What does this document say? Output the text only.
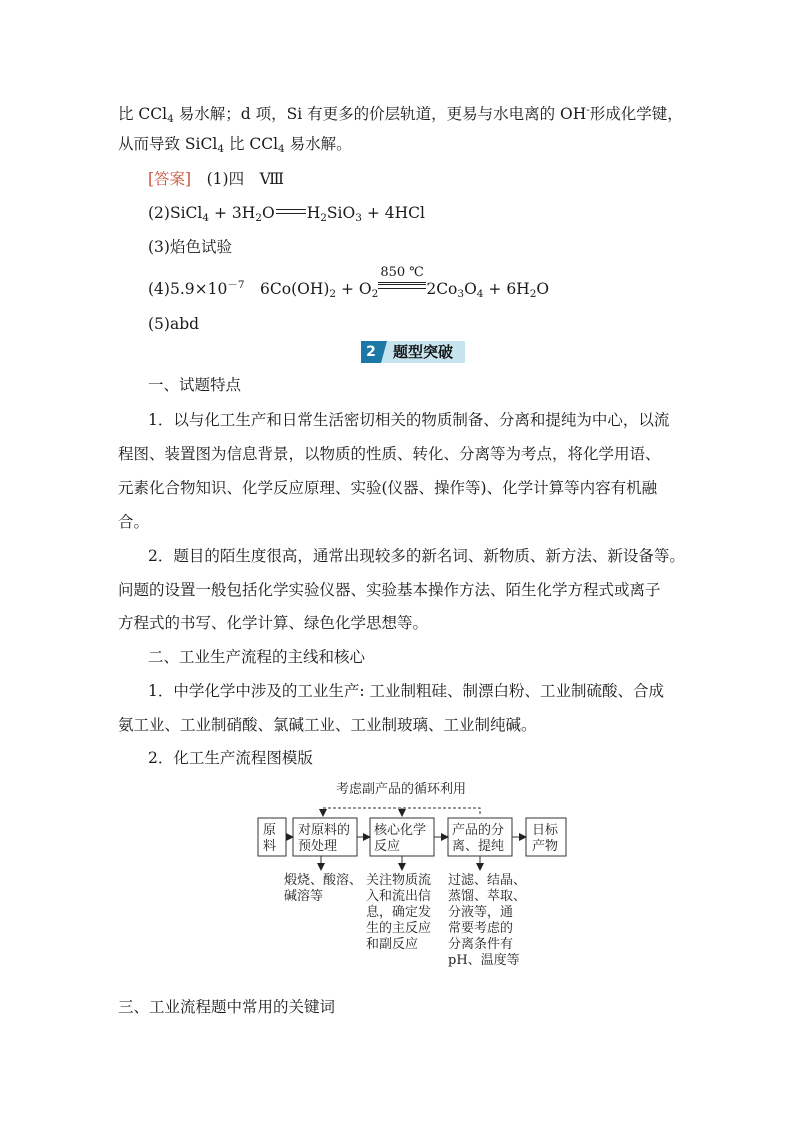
比 CCl$_4$ 易水解；d 项，Si 有更多的价层轨道，更易与水电离的 OH-形成化学键，
从而导致 SiCl$_4$ 比 CCl$_4$ 易水解。
[答案]　 (1)四　Ⅷ
(2)SiCl$_4$ + $3H_2O$ $H_2SiO_3 + 4HCl$
(3)焰色试验
$(4)5.9\times 10^{-7}$　$6Co(OH)_2 + O_2$
850 ℃
$2Co_3O_4 + 6H_2O$
(5)abd
2	题型突破
一、试题特点
1．以与化工生产和日常生活密切相关的物质制备、分离和提纯为中心，以流
程图、装置图为信息背景，以物质的性质、转化、分离等为考点，将化学用语、
元素化合物知识、化学反应原理、实验(仪器、操作等)、化学计算等内容有机融
合。
2．题目的陌生度很高，通常出现较多的新名词、新物质、新方法、新设备等。
问题的设置一般包括化学实验仪器、实验基本操作方法、陌生化学方程式或离子
方程式的书写、化学计算、绿色化学思想等。
二、工业生产流程的主线和核心
1．中学化学中涉及的工业生产: 工业制粗硅、制漂白粉、工业制硫酸、合成
氨工业、工业制硝酸、氯碱工业、工业制玻璃、工业制纯碱。
2．化工生产流程图模版
考虑副产品的循环利用
原
料
对原料的
预处理
核心化学
反应
产品的分
离、提纯
日标
产物
煅烧、酸溶、
碱溶等
关注物质流
入和流出信
息，确定发
生的主反应
和副反应
过滤、结晶、
蒸馏、萃取、
分液等，通
常要考虑的
分离条件有
pH、温度等
三、工业流程题中常用的关键词
